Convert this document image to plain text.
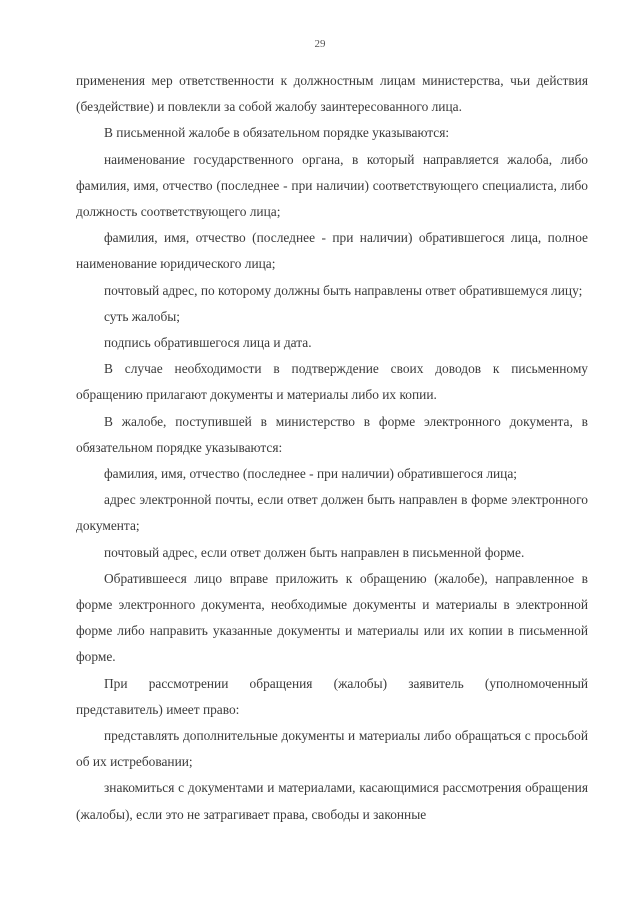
29

применения мер ответственности к должностным лицам министерства, чьи действия (бездействие) и повлекли за собой жалобу заинтересованного лица.

В письменной жалобе в обязательном порядке указываются:

наименование государственного органа, в который направляется жалоба, либо фамилия, имя, отчество (последнее - при наличии) соответствующего специалиста, либо должность соответствующего лица;

фамилия, имя, отчество (последнее - при наличии) обратившегося лица, полное наименование юридического лица;

почтовый адрес, по которому должны быть направлены ответ обратившемуся лицу;

суть жалобы;

подпись обратившегося лица и дата.

В случае необходимости в подтверждение своих доводов к письменному обращению прилагают документы и материалы либо их копии.

В жалобе, поступившей в министерство в форме электронного документа, в обязательном порядке указываются:

фамилия, имя, отчество (последнее - при наличии) обратившегося лица;

адрес электронной почты, если ответ должен быть направлен в форме электронного документа;

почтовый адрес, если ответ должен быть направлен в письменной форме.

Обратившееся лицо вправе приложить к обращению (жалобе), направленное в форме электронного документа, необходимые документы и материалы в электронной форме либо направить указанные документы и материалы или их копии в письменной форме.

При рассмотрении обращения (жалобы) заявитель (уполномоченный представитель) имеет право:

представлять дополнительные документы и материалы либо обращаться с просьбой об их истребовании;

знакомиться с документами и материалами, касающимися рассмотрения обращения (жалобы), если это не затрагивает права, свободы и законные
